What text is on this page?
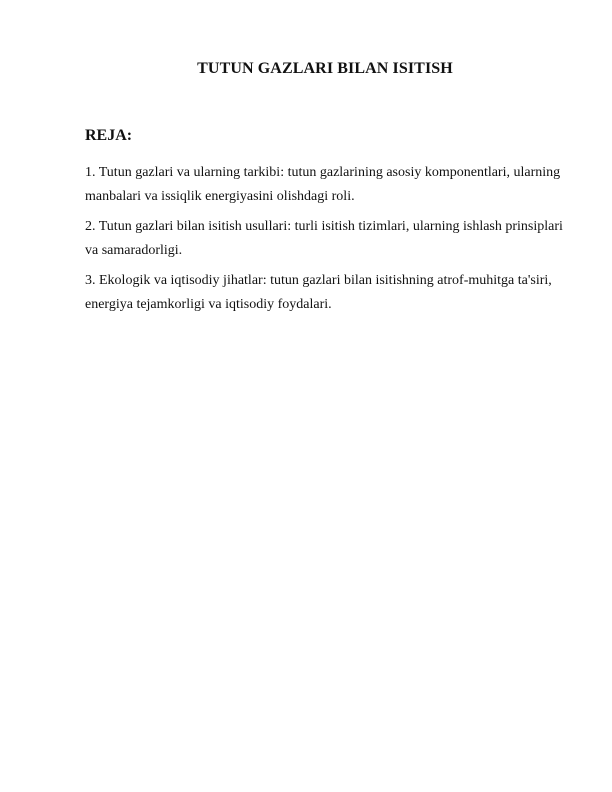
TUTUN GAZLARI BILAN ISITISH
REJA:
1. Tutun gazlari va ularning tarkibi: tutun gazlarining asosiy komponentlari, ularning manbalari va issiqlik energiyasini olishdagi roli.
2. Tutun gazlari bilan isitish usullari: turli isitish tizimlari, ularning ishlash prinsiplari va samaradorligi.
3. Ekologik va iqtisodiy jihatlar: tutun gazlari bilan isitishning atrof-muhitga ta'siri, energiya tejamkorligi va iqtisodiy foydalari.
